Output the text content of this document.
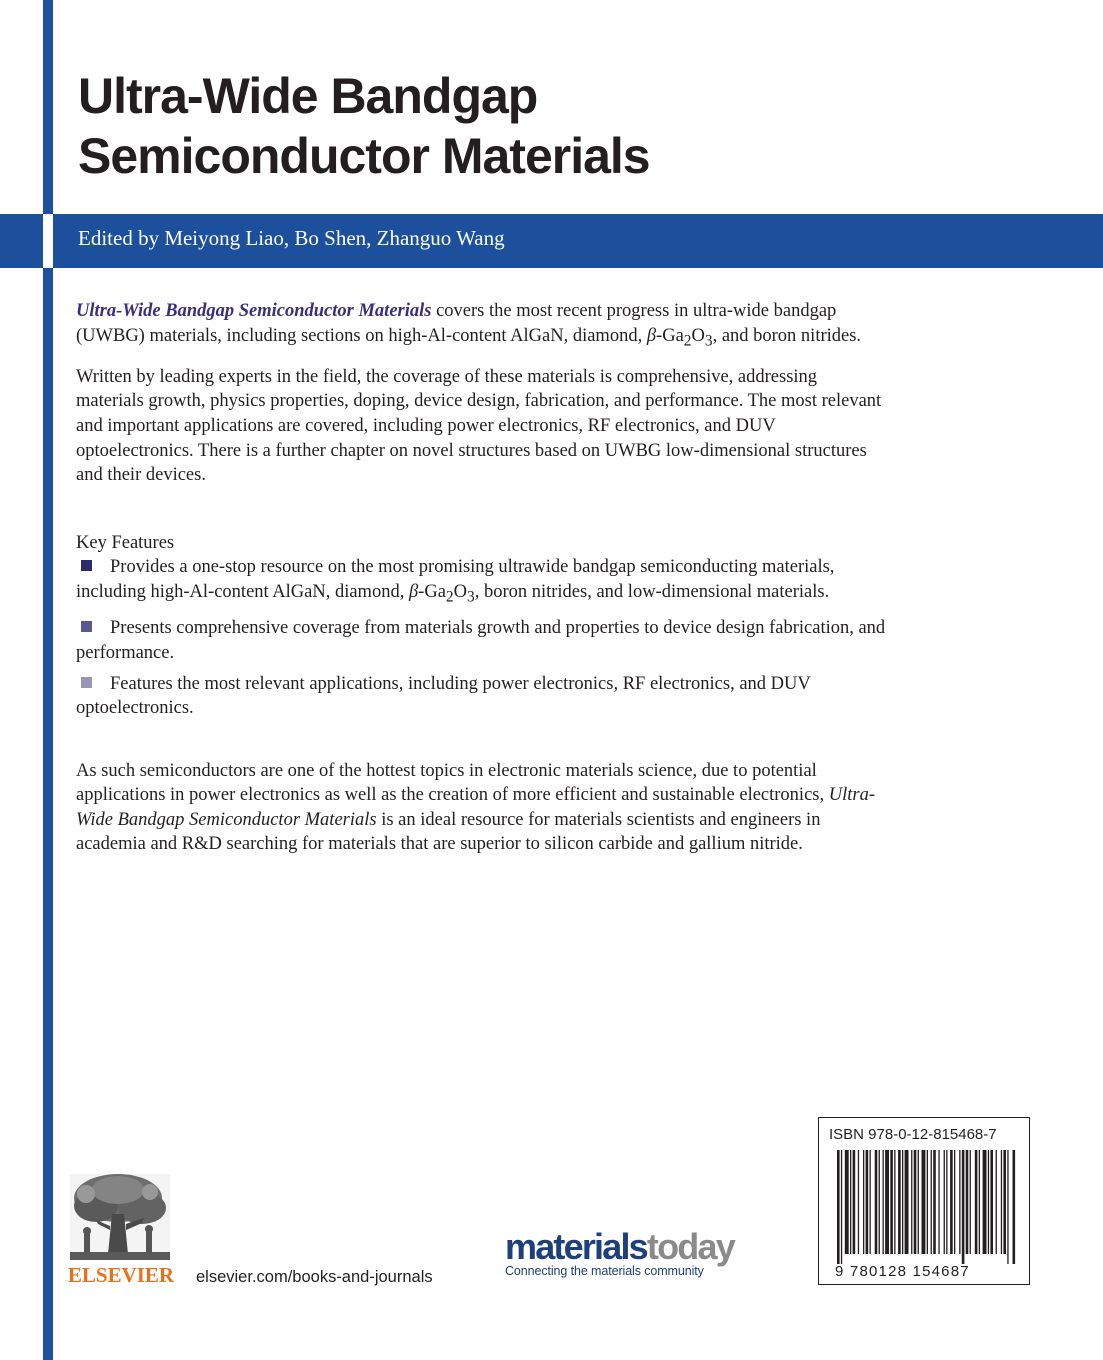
Ultra-Wide Bandgap
Semiconductor Materials
Edited by Meiyong Liao, Bo Shen, Zhanguo Wang

Ultra-Wide Bandgap Semiconductor Materials covers the most recent progress in ultra-wide bandgap (UWBG) materials, including sections on high-Al-content AlGaN, diamond, $\beta-Ga_2O_3$, and boron nitrides.

Written by leading experts in the field, the coverage of these materials is comprehensive, addressing materials growth, physics properties, doping, device design, fabrication, and performance. The most relevant and important applications are covered, including power electronics, RF electronics, and DUV optoelectronics. There is a further chapter on novel structures based on UWBG low-dimensional structures and their devices.

Key Features

Provides a one-stop resource on the most promising ultrawide bandgap semiconducting materials, including high-Al-content AlGaN, diamond, $\beta-Ga_2O_3$, boron nitrides, and low-dimensional materials.
Presents comprehensive coverage from materials growth and properties to device design fabrication, and performance.
Features the most relevant applications, including power electronics, RF electronics, and DUV optoelectronics.

As such semiconductors are one of the hottest topics in electronic materials science, due to potential applications in power electronics as well as the creation of more efficient and sustainable electronics, Ultra-Wide Bandgap Semiconductor Materials is an ideal resource for materials scientists and engineers in academia and R&D searching for materials that are superior to silicon carbide and gallium nitride.

ELSEVIER elsevier.com/books-and-journals
materialstoday
Connecting the materials community
ISBN 978-0-12-815468-7
9 780128 154687
